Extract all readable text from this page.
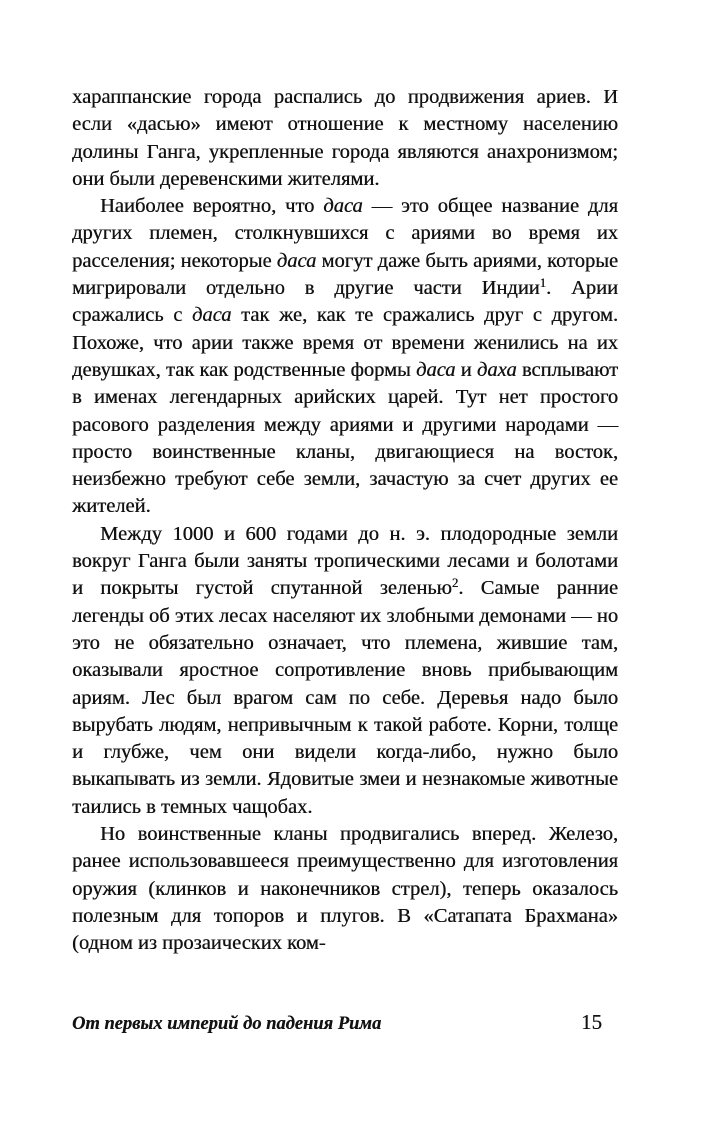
хараппанские города распались до продвижения ариев. И если «дасью» имеют отношение к местному населению долины Ганга, укрепленные города являются анахронизмом; они были деревенскими жителями.

Наиболее вероятно, что даса — это общее название для других племен, столкнувшихся с ариями во время их расселения; некоторые даса могут даже быть ариями, которые мигрировали отдельно в другие части Индии$^1$. Арии сражались с даса так же, как те сражались друг с другом. Похоже, что арии также время от времени женились на их девушках, так как родственные формы даса и даха всплывают в именах легендарных арийских царей. Тут нет простого расового разделения между ариями и другими народами — просто воинственные кланы, двигающиеся на восток, неизбежно требуют себе земли, зачастую за счет других ее жителей.

Между 1000 и 600 годами до н. э. плодородные земли вокруг Ганга были заняты тропическими лесами и болотами и покрыты густой спутанной зеленью$^2$. Самые ранние легенды об этих лесах населяют их злобными демонами — но это не обязательно означает, что племена, жившие там, оказывали яростное сопротивление вновь прибывающим ариям. Лес был врагом сам по себе. Деревья надо было вырубать людям, непривычным к такой работе. Корни, толще и глубже, чем они видели когда-либо, нужно было выкапывать из земли. Ядовитые змеи и незнакомые животные таились в темных чащобах.

Но воинственные кланы продвигались вперед. Железо, ранее использовавшееся преимущественно для изготовления оружия (клинков и наконечников стрел), теперь оказалось полезным для топоров и плугов. В «Сатапата Брахмана» (одном из прозаических ком-

От первых империй до падения Рима	15
